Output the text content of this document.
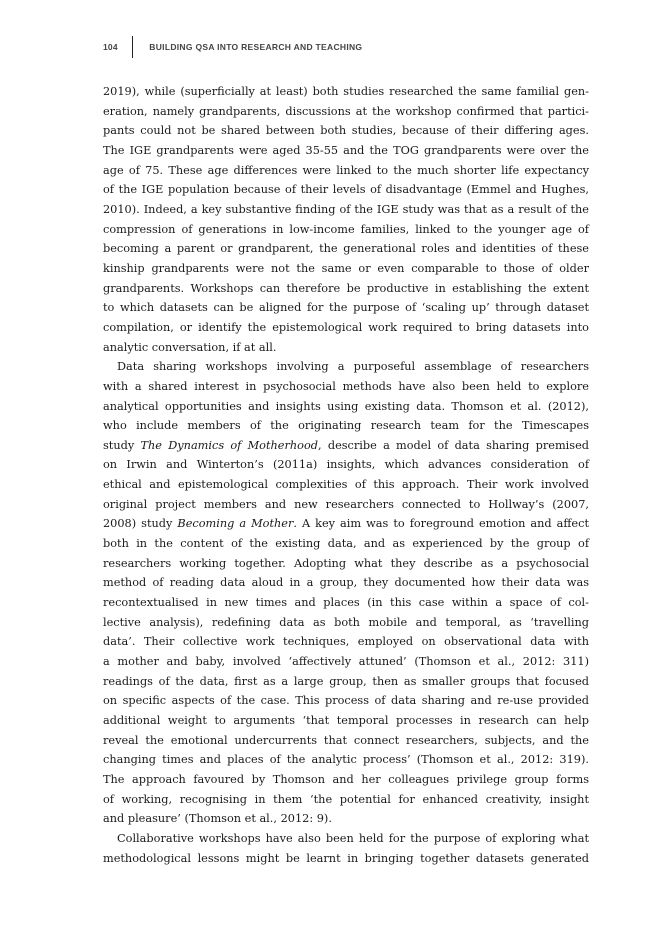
104	BUILDING QSA INTO RESEARCH AND TEACHING

2019), while (superficially at least) both studies researched the same familial gen-
eration, namely grandparents, discussions at the workshop confirmed that partici-
pants could not be shared between both studies, because of their differing ages.
The IGE grandparents were aged 35-55 and the TOG grandparents were over the
age of 75. These age differences were linked to the much shorter life expectancy
of the IGE population because of their levels of disadvantage (Emmel and Hughes,
2010). Indeed, a key substantive finding of the IGE study was that as a result of the
compression of generations in low-income families, linked to the younger age of
becoming a parent or grandparent, the generational roles and identities of these
kinship grandparents were not the same or even comparable to those of older
grandparents. Workshops can therefore be productive in establishing the extent
to which datasets can be aligned for the purpose of ‘scaling up’ through dataset
compilation, or identify the epistemological work required to bring datasets into
analytic conversation, if at all.

Data sharing workshops involving a purposeful assemblage of researchers
with a shared interest in psychosocial methods have also been held to explore
analytical opportunities and insights using existing data. Thomson et al. (2012),
who include members of the originating research team for the Timescapes
study The Dynamics of Motherhood, describe a model of data sharing premised
on Irwin and Winterton’s (2011a) insights, which advances consideration of
ethical and epistemological complexities of this approach. Their work involved
original project members and new researchers connected to Hollway’s (2007,
2008) study Becoming a Mother. A key aim was to foreground emotion and affect
both in the content of the existing data, and as experienced by the group of
researchers working together. Adopting what they describe as a psychosocial
method of reading data aloud in a group, they documented how their data was
recontextualised in new times and places (in this case within a space of col-
lective analysis), redefining data as both mobile and temporal, as ‘travelling
data’. Their collective work techniques, employed on observational data with
a mother and baby, involved ‘affectively attuned’ (Thomson et al., 2012: 311)
readings of the data, first as a large group, then as smaller groups that focused
on specific aspects of the case. This process of data sharing and re-use provided
additional weight to arguments ‘that temporal processes in research can help
reveal the emotional undercurrents that connect researchers, subjects, and the
changing times and places of the analytic process’ (Thomson et al., 2012: 319).
The approach favoured by Thomson and her colleagues privilege group forms
of working, recognising in them ‘the potential for enhanced creativity, insight
and pleasure’ (Thomson et al., 2012: 9).

Collaborative workshops have also been held for the purpose of exploring what
methodological lessons might be learnt in bringing together datasets generated
